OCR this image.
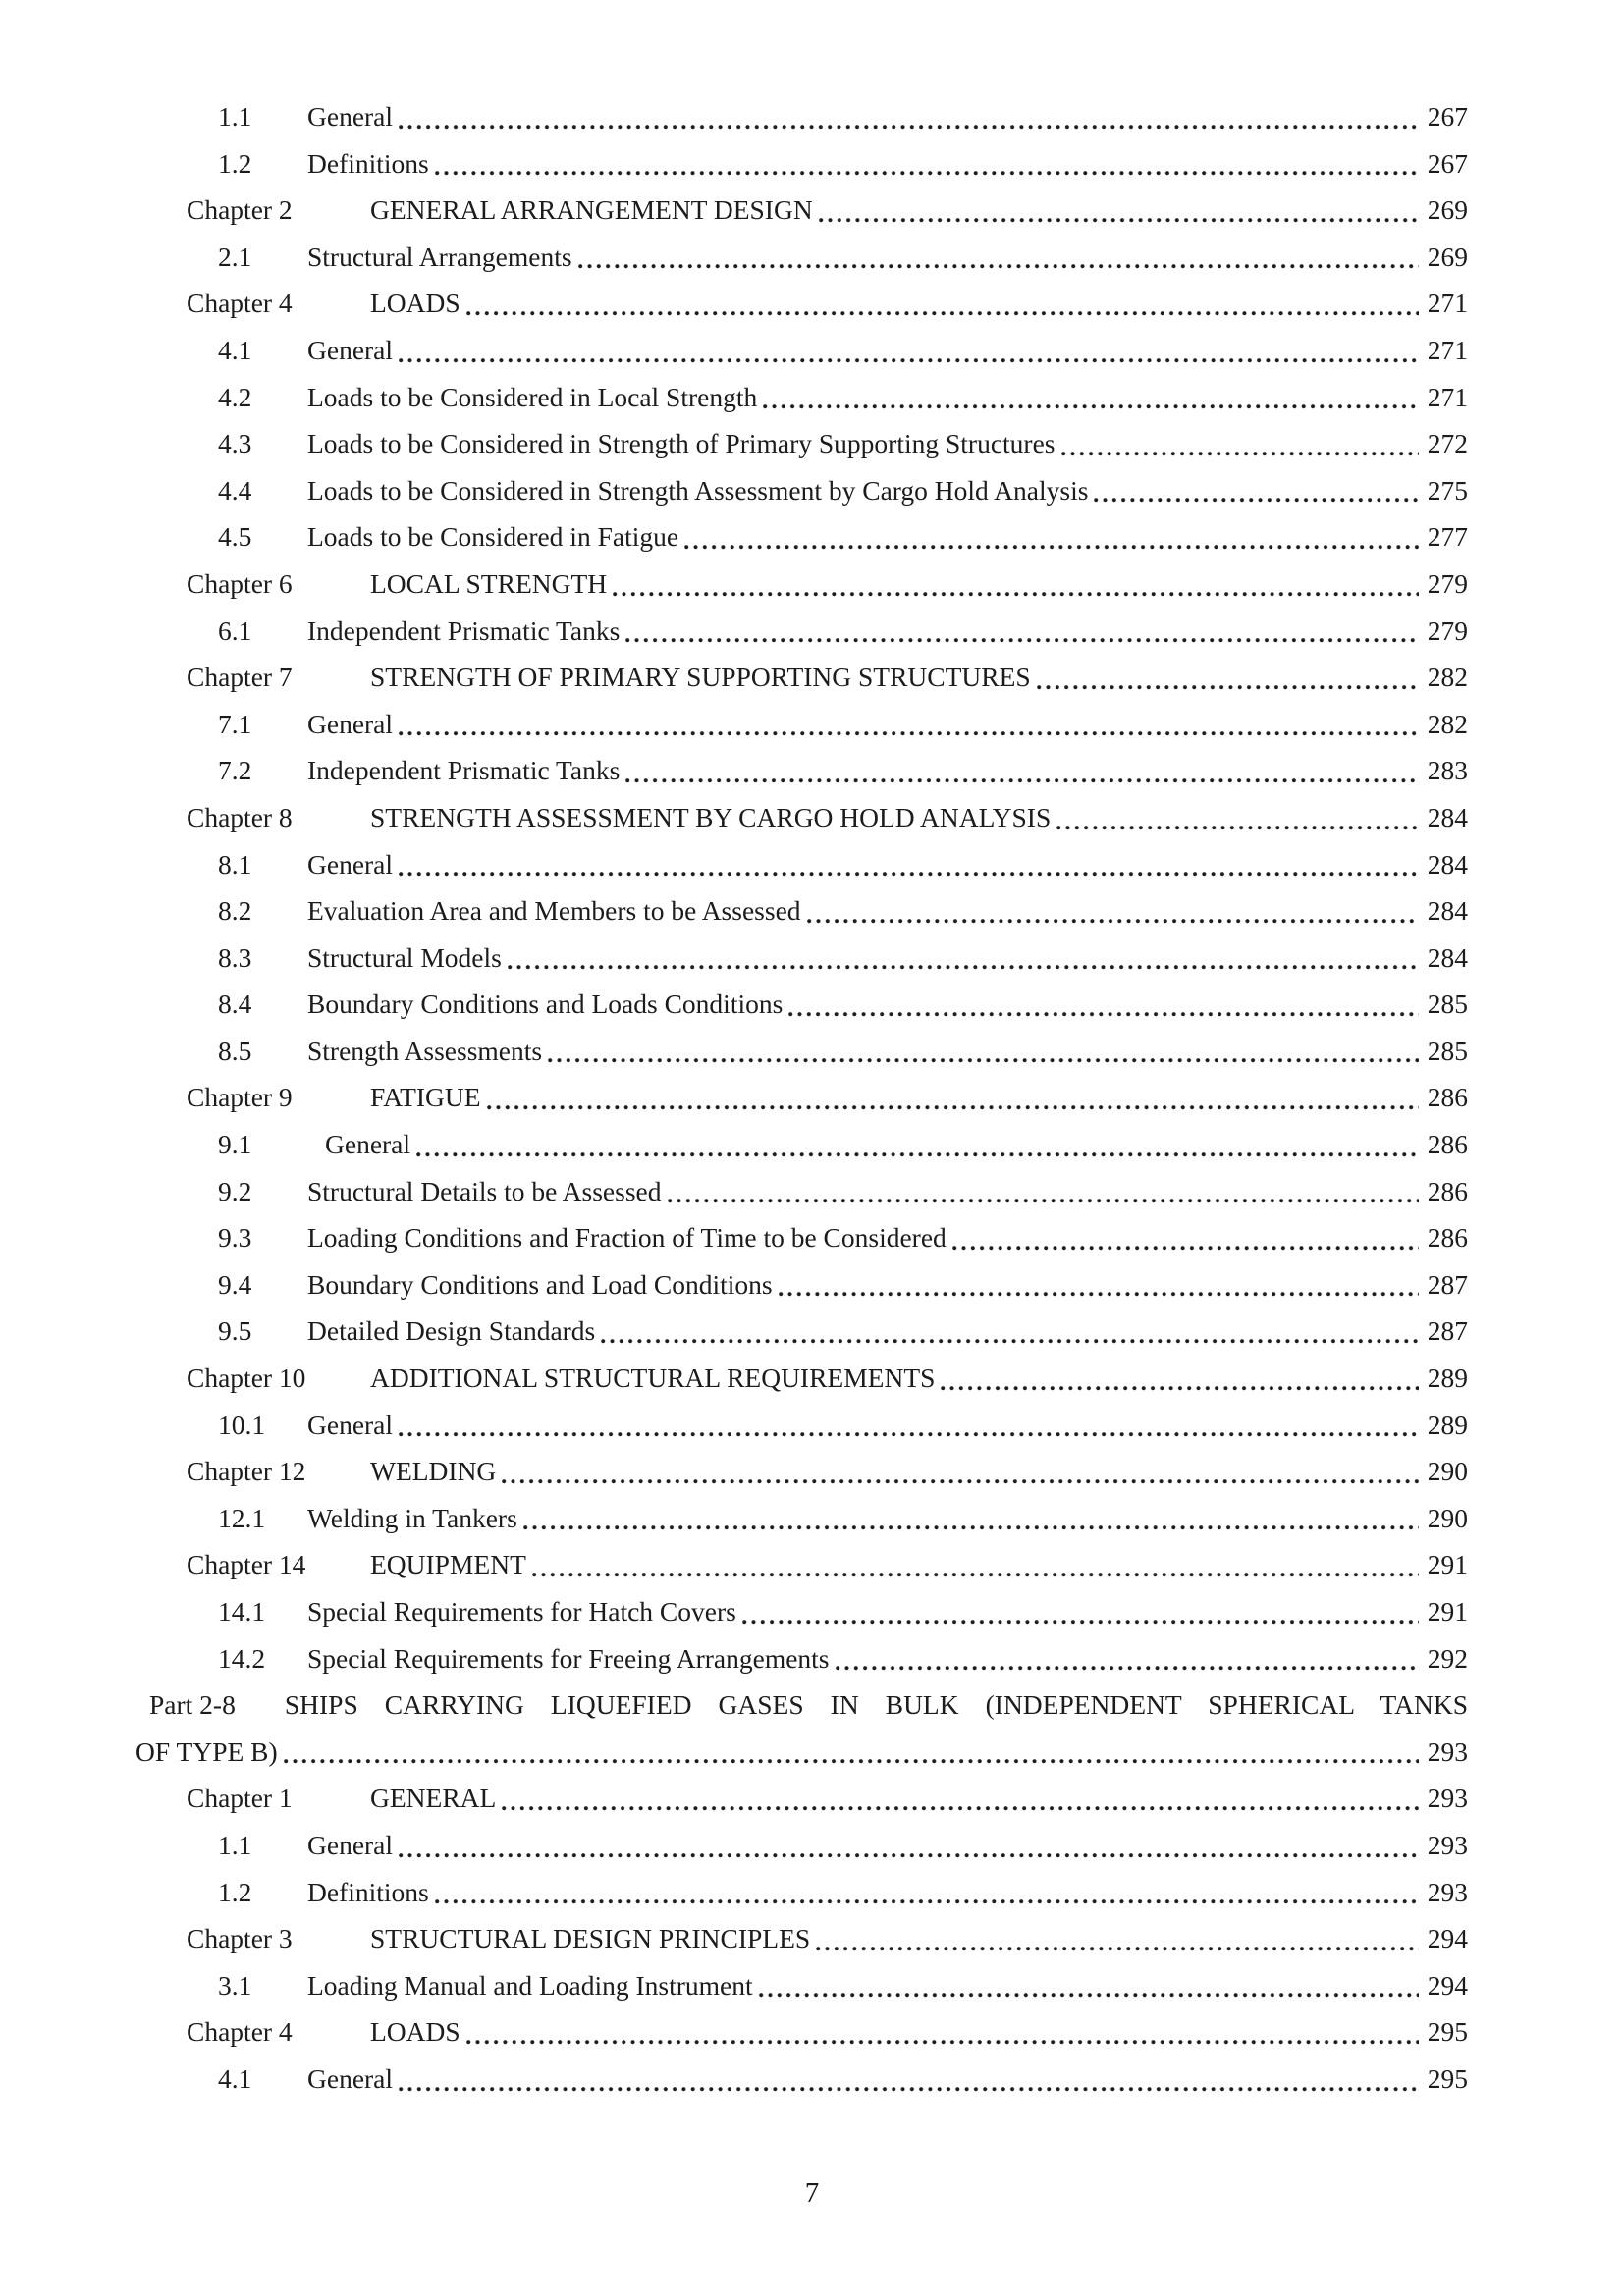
1.1	General	267
1.2	Definitions	267
Chapter 2	GENERAL ARRANGEMENT DESIGN	269
2.1	Structural Arrangements	269
Chapter 4	LOADS	271
4.1	General	271
4.2	Loads to be Considered in Local Strength	271
4.3	Loads to be Considered in Strength of Primary Supporting Structures	272
4.4	Loads to be Considered in Strength Assessment by Cargo Hold Analysis	275
4.5	Loads to be Considered in Fatigue	277
Chapter 6	LOCAL STRENGTH	279
6.1	Independent Prismatic Tanks	279
Chapter 7	STRENGTH OF PRIMARY SUPPORTING STRUCTURES	282
7.1	General	282
7.2	Independent Prismatic Tanks	283
Chapter 8	STRENGTH ASSESSMENT BY CARGO HOLD ANALYSIS	284
8.1	General	284
8.2	Evaluation Area and Members to be Assessed	284
8.3	Structural Models	284
8.4	Boundary Conditions and Loads Conditions	285
8.5	Strength Assessments	285
Chapter 9	FATIGUE	286
9.1	General	286
9.2	Structural Details to be Assessed	286
9.3	Loading Conditions and Fraction of Time to be Considered	286
9.4	Boundary Conditions and Load Conditions	287
9.5	Detailed Design Standards	287
Chapter 10	ADDITIONAL STRUCTURAL REQUIREMENTS	289
10.1	General	289
Chapter 12	WELDING	290
12.1	Welding in Tankers	290
Chapter 14	EQUIPMENT	291
14.1	Special Requirements for Hatch Covers	291
14.2	Special Requirements for Freeing Arrangements	292
Part 2-8 SHIPS CARRYING LIQUEFIED GASES IN BULK (INDEPENDENT SPHERICAL TANKS
OF TYPE B)	293
Chapter 1	GENERAL	293
1.1	General	293
1.2	Definitions	293
Chapter 3	STRUCTURAL DESIGN PRINCIPLES	294
3.1	Loading Manual and Loading Instrument	294
Chapter 4	LOADS	295
4.1	General	295
7
